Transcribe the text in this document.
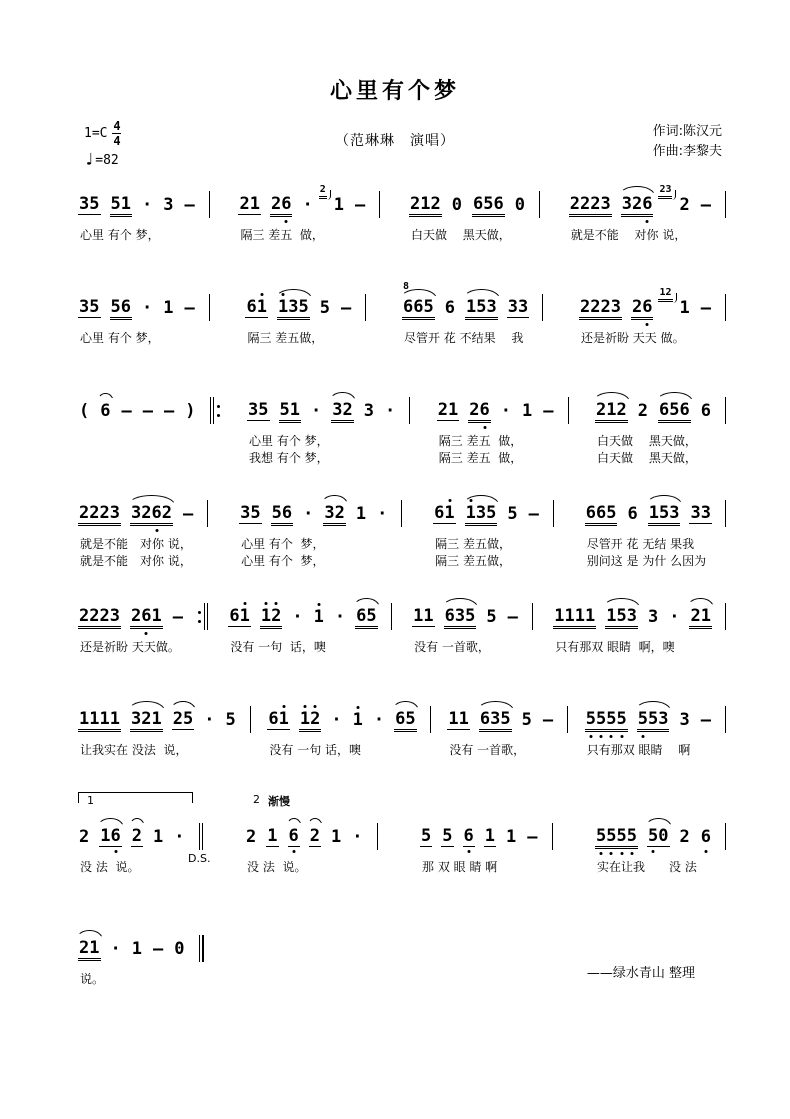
心里有个梦
$1=C \frac{4}{4}$
♩ =82
（范琳琳　演唱）
作词:陈汉元
作曲:李黎夫
35 51 · 3 —
心里 有个 梦，
21 26 ·
2
1 —
隔三 差五  做，
212 0 656 0
白天做　 黑天做，
2223 326
23
2 —
就是不能　 对你 说，
35 56 · 1 —
心里 有个 梦，
61 135 5 —
隔三 差五做，
8
665 6 153 33
尽管开 花 不结果　 我
2223 26
12
1 —
还是祈盼 天天 做。
( 6 — — — )	35 51 · 32 3 ·
心里 有个 梦，
我想 有个 梦，
21 26 · 1 —
隔三 差五  做，
隔三 差五  做，
212 2 656 6
白天做　 黑天做，
白天做　 黑天做，
2223 3262 —
就是不能　对你 说，
就是不能　对你 说，
35 56 · 32 1 ·
心里 有个  梦，
心里 有个  梦，
61 135 5 —
隔三 差五做，
隔三 差五做，
665 6 153 33
尽管开 花 无结 果我
别问这 是 为什 么因为
2223 261 —
还是祈盼 天天做。
61 12 · 1 · 65
没有 一句  话，噢
11 635 5 —
没有 一首歌，
1111 153 3 · 21
只有那双 眼睛  啊，噢
1111 321 25 · 5
让我实在 没法  说，
61 12 · 1 · 65
没有 一句 话，噢
11 635 5 —
没有 一首歌，
5555 553 3 —
只有那双 眼睛　 啊
1
2 16 2 1 ·
D.S.
没 法  说。
2 渐慢
2 1 6 2 1 ·
没 法  说。
5 5 6 1 1 —
那 双 眼 睛 啊
5555 50 2 6
实在让我　　没 法
21 · 1 — 0
说。	——绿水青山 整理
